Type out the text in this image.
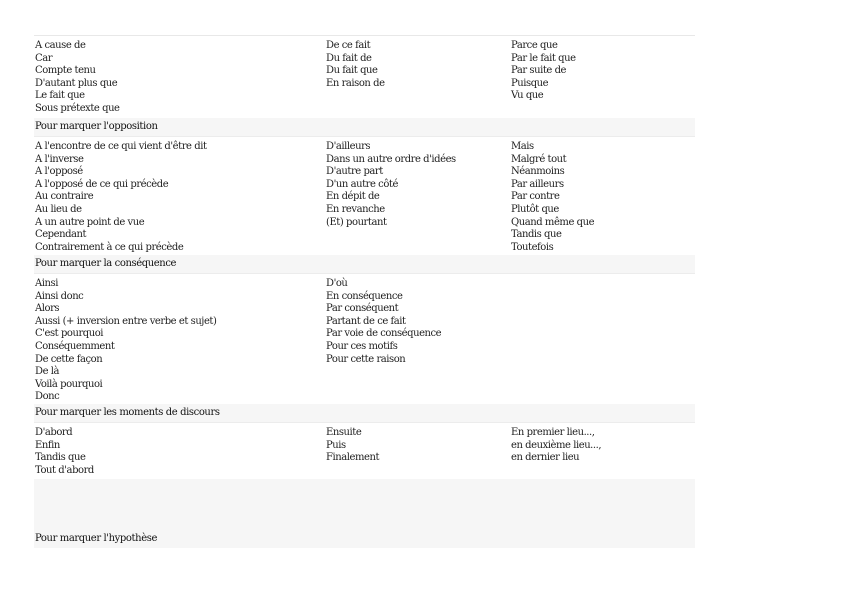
A cause de
Car
Compte tenu
D'autant plus que
Le fait que
Sous prétexte que
De ce fait
Du fait de
Du fait que
En raison de
Parce que
Par le fait que
Par suite de
Puisque
Vu que
Pour marquer l'opposition
A l'encontre de ce qui vient d'être dit
A l'inverse
A l'opposé
A l'opposé de ce qui précède
Au contraire
Au lieu de
A un autre point de vue
Cependant
Contrairement à ce qui précède
D'ailleurs
Dans un autre ordre d'idées
D'autre part
D'un autre côté
En dépit de
En revanche
(Et) pourtant
Mais
Malgré tout
Néanmoins
Par ailleurs
Par contre
Plutôt que
Quand même que
Tandis que
Toutefois
Pour marquer la conséquence
Ainsi
Ainsi donc
Alors
Aussi (+ inversion entre verbe et sujet)
C'est pourquoi
Conséquemment
De cette façon
De là
Voilà pourquoi
Donc
D'où
En conséquence
Par conséquent
Partant de ce fait
Par voie de conséquence
Pour ces motifs
Pour cette raison
Pour marquer les moments de discours
D'abord
Enfin
Tandis que
Tout d'abord
Ensuite
Puis
Finalement
En premier lieu...,
en deuxième lieu...,
en dernier lieu
Pour marquer l'hypothèse
